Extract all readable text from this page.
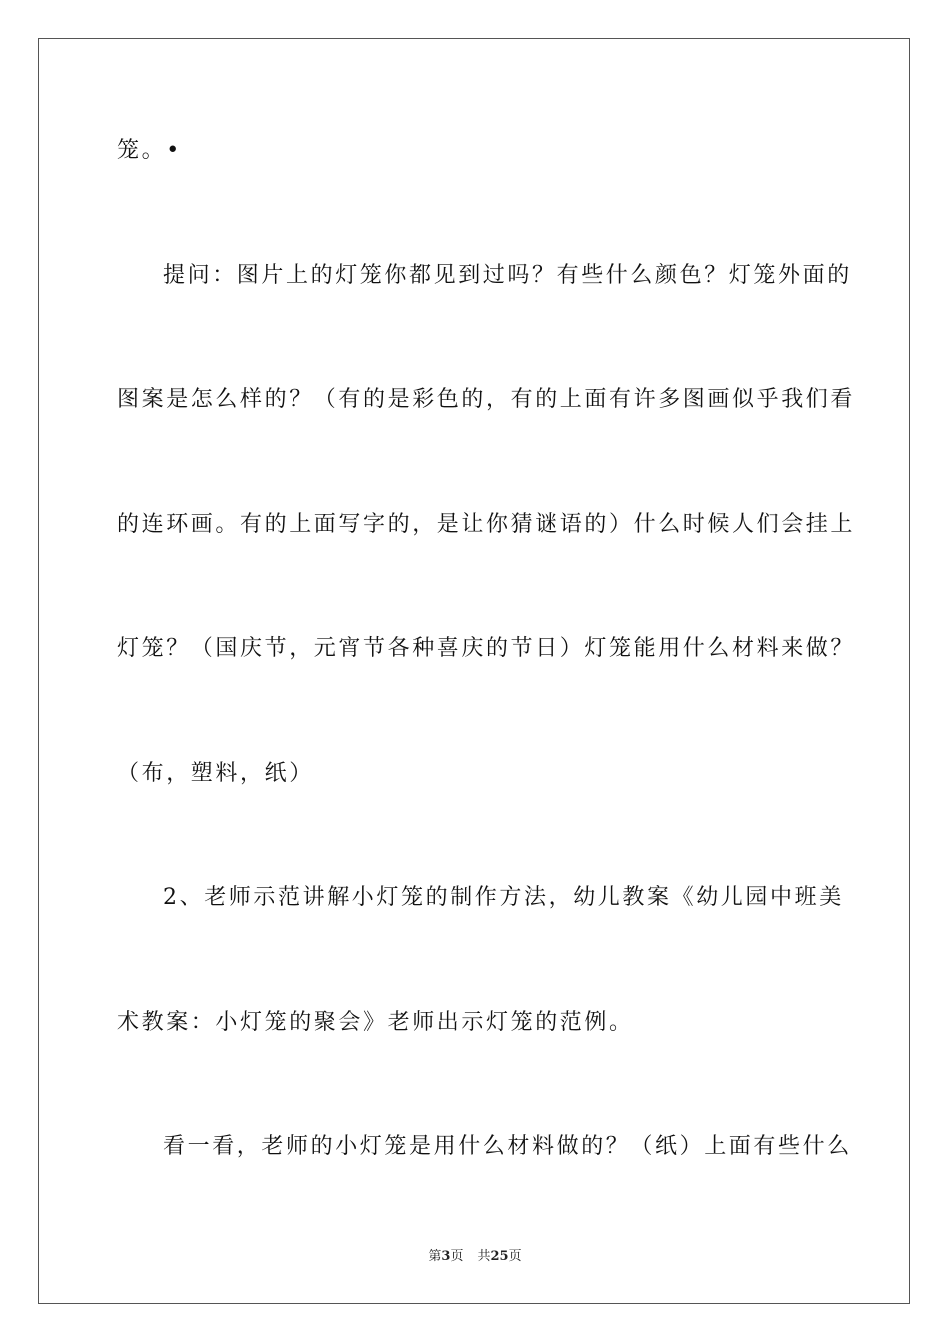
笼。•
提问：图片上的灯笼你都见到过吗？有些什么颜色？灯笼外面的
图案是怎么样的？（有的是彩色的，有的上面有许多图画似乎我们看
的连环画。有的上面写字的，是让你猜谜语的）什么时候人们会挂上
灯笼？（国庆节，元宵节各种喜庆的节日）灯笼能用什么材料来做？
（布，塑料，纸）
2、老师示范讲解小灯笼的制作方法，幼儿教案《幼儿园中班美
术教案：小灯笼的聚会》老师出示灯笼的范例。
看一看，老师的小灯笼是用什么材料做的？（纸）上面有些什么
第3页 共25页
